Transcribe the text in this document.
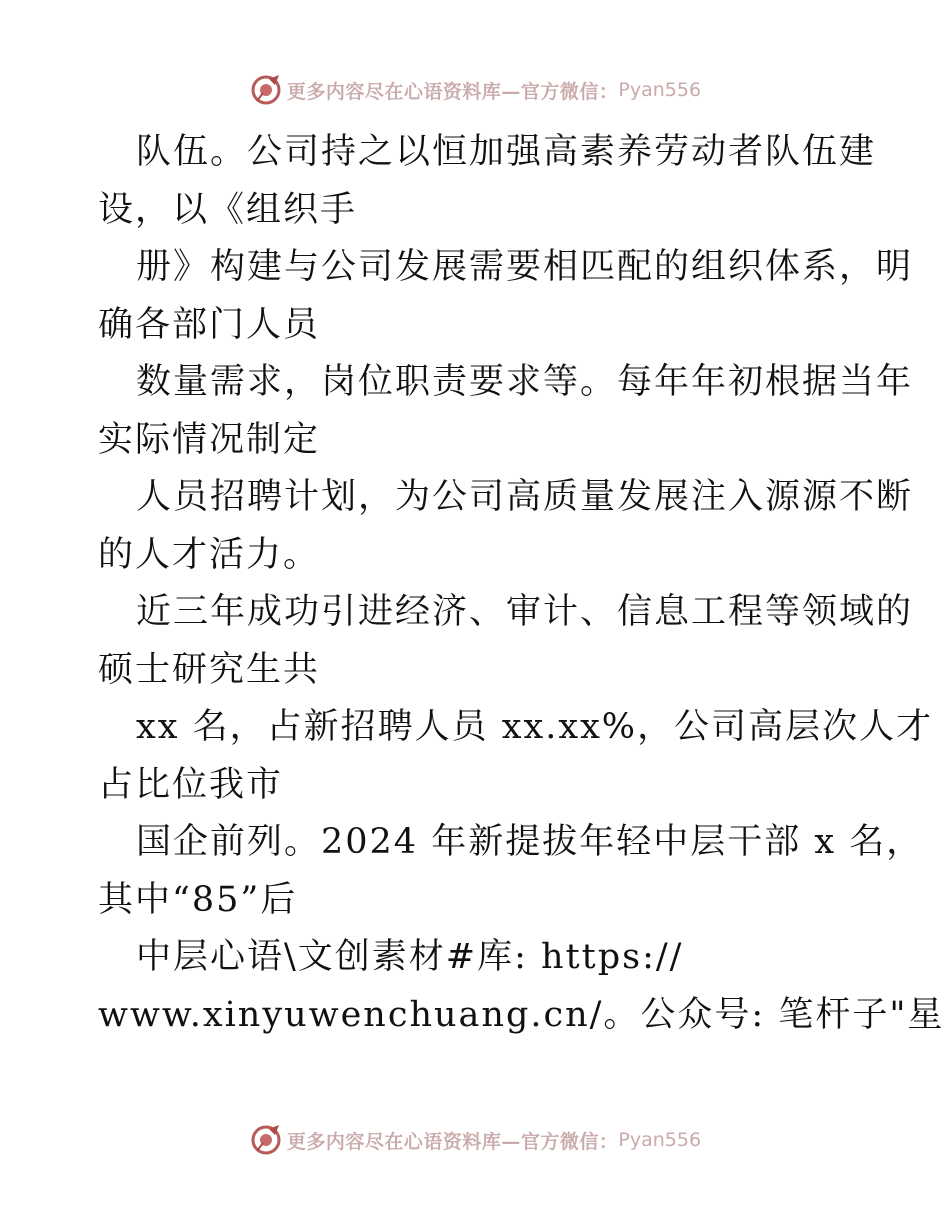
更多内容尽在心语资料库—官方微信： Pyan556
队伍。公司持之以恒加强高素养劳动者队伍建
设，以《组织手
册》构建与公司发展需要相匹配的组织体系，明
确各部门人员
数量需求，岗位职责要求等。每年年初根据当年
实际情况制定
人员招聘计划，为公司高质量发展注入源源不断
的人才活力。
近三年成功引进经济、审计、信息工程等领域的
硕士研究生共
xx 名，占新招聘人员 xx.xx%，公司高层次人才
占比位我市
国企前列。2024 年新提拔年轻中层干部 x 名，
其中“85”后
中层心语\文创素材#库: https://
www.xinyuwenchuang.cn/。公众号: 笔杆子"星
更多内容尽在心语资料库—官方微信： Pyan556
